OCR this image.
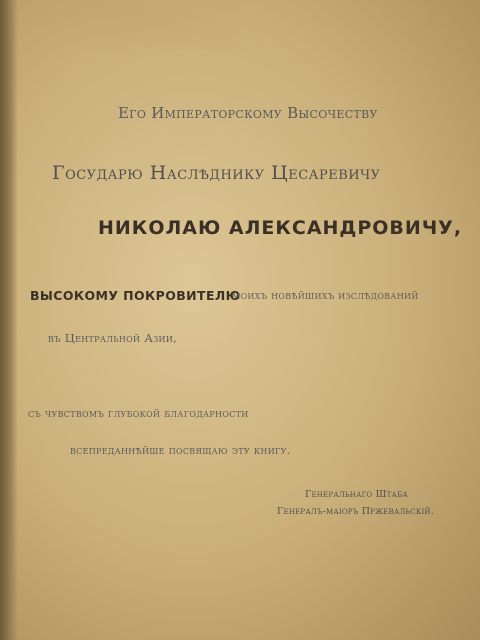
Его Императорскому Высочеству
Государю Наслѣднику Цесаревичу
НИКОЛАЮ АЛЕКСАНДРОВИЧУ,
ВЫСОКОМУ ПОКРОВИТЕЛЮ
моихъ новѣйшихъ изслѣдований
въ Центральной Азии,
съ чувствомъ глубокой благодарности
всепреданнѣйше посвящаю эту книгу.
Генеральнаго Штаба
Генералъ-маiоръ Пржевальскій.
